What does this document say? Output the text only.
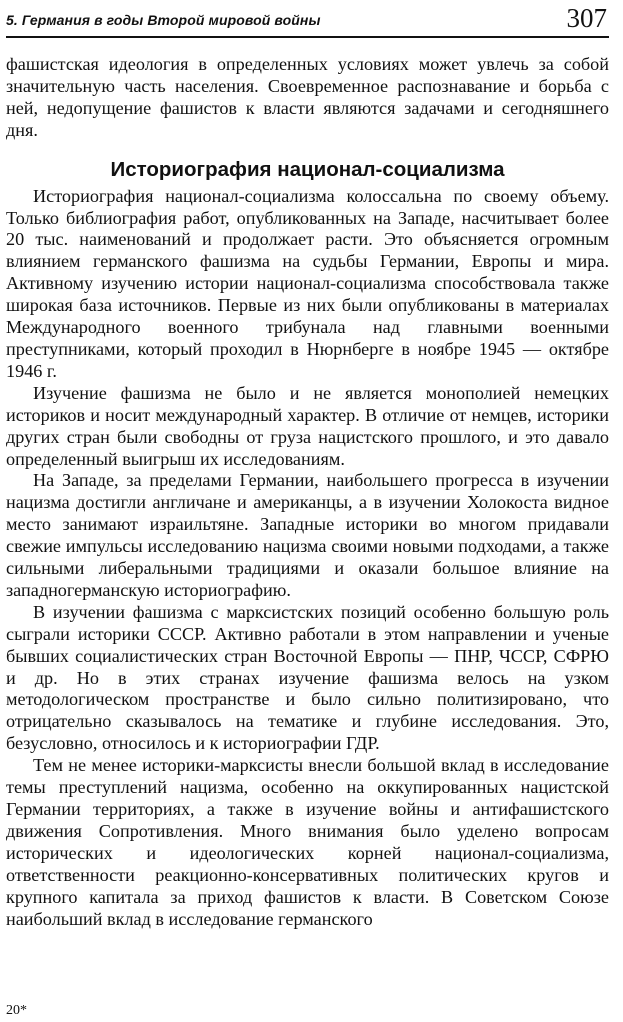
5. Германия в годы Второй мировой войны	307

фашистская идеология в определенных условиях может увлечь за собой значительную часть населения. Своевременное распознавание и борьба с ней, недопущение фашистов к власти являются задачами и сегодняшнего дня.

Историография национал-социализма

Историография национал-социализма колоссальна по своему объему. Только библиография работ, опубликованных на Западе, насчитывает более 20 тыс. наименований и продолжает расти. Это объясняется огромным влиянием германского фашизма на судьбы Германии, Европы и мира. Активному изучению истории национал-социализма способствовала также широкая база источников. Первые из них были опубликованы в материалах Международного военного трибунала над главными военными преступниками, который проходил в Нюрнберге в ноябре 1945 — октябре 1946 г.

Изучение фашизма не было и не является монополией немецких историков и носит международный характер. В отличие от немцев, историки других стран были свободны от груза нацистского прошлого, и это давало определенный выигрыш их исследованиям.

На Западе, за пределами Германии, наибольшего прогресса в изучении нацизма достигли англичане и американцы, а в изучении Холокоста видное место занимают израильтяне. Западные историки во многом придавали свежие импульсы исследованию нацизма своими новыми подходами, а также сильными либеральными традициями и оказали большое влияние на западногерманскую историографию.

В изучении фашизма с марксистских позиций особенно большую роль сыграли историки СССР. Активно работали в этом направлении и ученые бывших социалистических стран Восточной Европы — ПНР, ЧССР, СФРЮ и др. Но в этих странах изучение фашизма велось на узком методологическом пространстве и было сильно политизировано, что отрицательно сказывалось на тематике и глубине исследования. Это, безусловно, относилось и к историографии ГДР.

Тем не менее историки-марксисты внесли большой вклад в исследование темы преступлений нацизма, особенно на оккупированных нацистской Германии территориях, а также в изучение войны и антифашистского движения Сопротивления. Много внимания было уделено вопросам исторических и идеологических корней национал-социализма, ответственности реакционно-консервативных политических кругов и крупного капитала за приход фашистов к власти. В Советском Союзе наибольший вклад в исследование германского

20*
